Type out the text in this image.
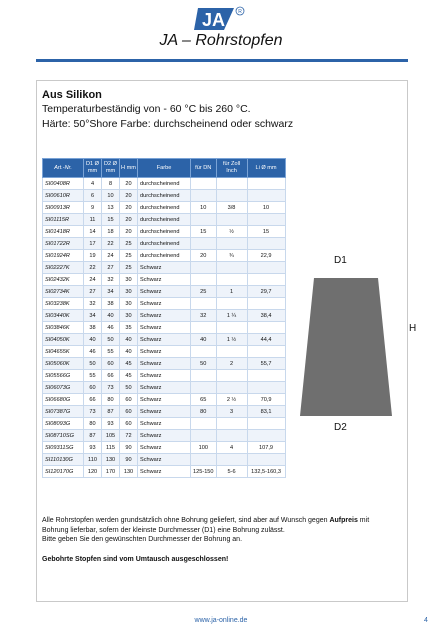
JA	R
JA – Rohrstopfen
Aus Silikon
Temperaturbeständig von - 60 °C bis 260 °C.
Härte: 50°Shore Farbe: durchscheinend oder schwarz
Art.-Nr.	D1 Ø mm	D2 Ø mm	H mm	Farbe	für DN	für Zoll Inch	Li Ø mm
SI00408R	4	8	20	durchscheinend			
SI00610R	6	10	20	durchscheinend			
SI00913R	9	13	20	durchscheinend	10	3/8	10
SI01115R	11	15	20	durchscheinend			
SI01418R	14	18	20	durchscheinend	15	½	15
SI01722R	17	22	25	durchscheinend			
SI01924R	19	24	25	durchscheinend	20	¾	22,9
SI02227K	22	27	25	Schwarz			
SI02432K	24	32	30	Schwarz			
SI02734K	27	34	30	Schwarz	25	1	29,7
SI03238K	32	38	30	Schwarz			
SI03440K	34	40	30	Schwarz	32	1 ¼	38,4
SI03846K	38	46	35	Schwarz			
SI04050K	40	50	40	Schwarz	40	1 ½	44,4
SI04655K	46	55	40	Schwarz			
SI05060K	50	60	45	Schwarz	50	2	55,7
SI05566G	55	66	45	Schwarz			
SI06073G	60	73	50	Schwarz			
SI06680G	66	80	60	Schwarz	65	2 ½	70,9
SI07387G	73	87	60	Schwarz	80	3	83,1
SI08093G	80	93	60	Schwarz			
SI08710SG	87	105	72	Schwarz			
SI09311SG	93	115	90	Schwarz	100	4	107,9
SI110130G	110	130	90	Schwarz			
SI120170G	120	170	130	Schwarz	125-150	5-6	132,5-160,3
D1
H
D2
Alle Rohrstopfen werden grundsätzlich ohne Bohrung geliefert, sind aber auf Wunsch gegen Aufpreis mit
Bohrung lieferbar, sofern der kleinste Durchmesser (D1) eine Bohrung zulässt.
Bitte geben Sie den gewünschten Durchmesser der Bohrung an.
Gebohrte Stopfen sind vom Umtausch ausgeschlossen!
www.ja-online.de	4
